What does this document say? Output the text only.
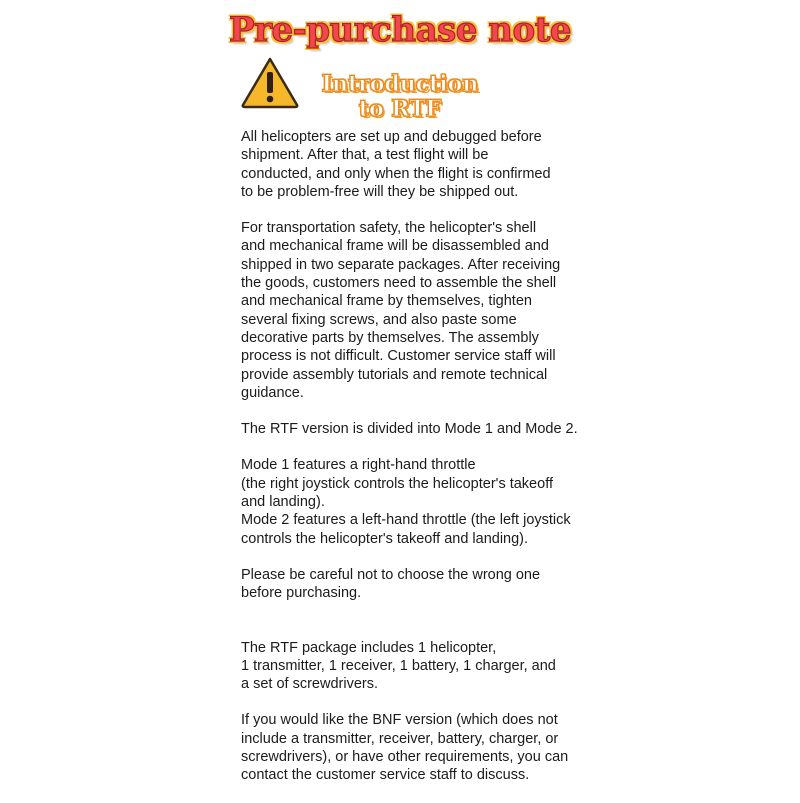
Pre-purchase note
Introduction
to RTF

All helicopters are set up and debugged before
shipment. After that, a test flight will be
conducted, and only when the flight is confirmed
to be problem-free will they be shipped out.

For transportation safety, the helicopter's shell
and mechanical frame will be disassembled and
shipped in two separate packages. After receiving
the goods, customers need to assemble the shell
and mechanical frame by themselves, tighten
several fixing screws, and also paste some
decorative parts by themselves. The assembly
process is not difficult. Customer service staff will
provide assembly tutorials and remote technical
guidance.

The RTF version is divided into Mode 1 and Mode 2.

Mode 1 features a right-hand throttle
(the right joystick controls the helicopter's takeoff
and landing).
Mode 2 features a left-hand throttle (the left joystick
controls the helicopter's takeoff and landing).

Please be careful not to choose the wrong one
before purchasing.

The RTF package includes 1 helicopter,
1 transmitter, 1 receiver, 1 battery, 1 charger, and
a set of screwdrivers.

If you would like the BNF version (which does not
include a transmitter, receiver, battery, charger, or
screwdrivers), or have other requirements, you can
contact the customer service staff to discuss.
